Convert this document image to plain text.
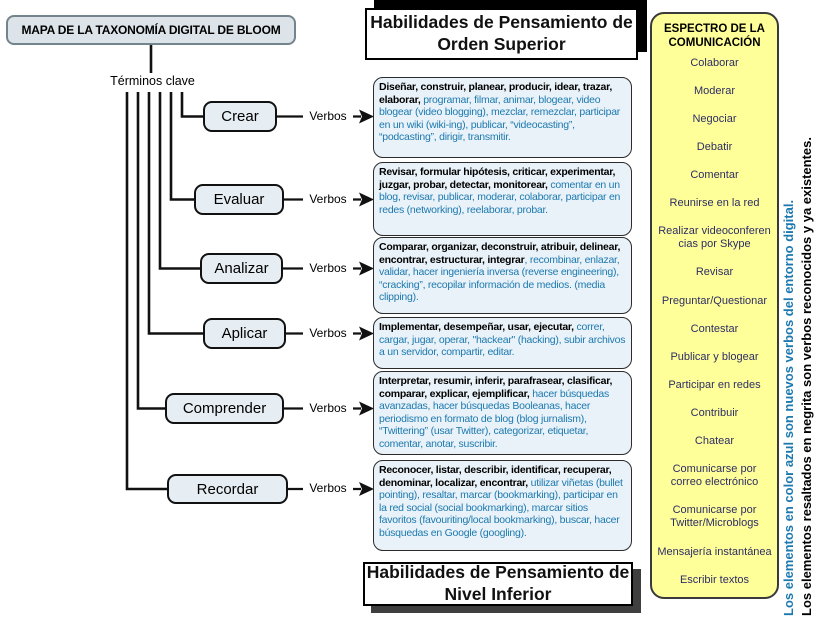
MAPA DE LA TAXONOMÍA DIGITAL DE BLOOM
Términos clave
Habilidades de Pensamiento de Orden Superior
Habilidades de Pensamiento de Nivel Inferior
Crear
Evaluar
Analizar
Aplicar
Comprender
Recordar
Verbos
Verbos
Verbos
Verbos
Verbos
Verbos
Diseñar, construir, planear, producir, idear, trazar, elaborar, programar, filmar, animar, blogear, video blogear (video blogging), mezclar, remezclar, participar en un wiki (wiki-ing), publicar, “videocasting”, “podcasting”, dirigir, transmitir.
Revisar, formular hipótesis, criticar, experimentar, juzgar, probar, detectar, monitorear, comentar en un blog, revisar, publicar, moderar, colaborar, participar en redes (networking), reelaborar, probar.
Comparar, organizar, deconstruir, atribuir, delinear, encontrar, estructurar, integrar, recombinar, enlazar, validar, hacer ingeniería inversa (reverse engineering), “cracking”, recopilar información de medios. (media clipping).
Implementar, desempeñar, usar, ejecutar, correr, cargar, jugar, operar, "hackear" (hacking), subir archivos a un servidor, compartir, editar.
Interpretar, resumir, inferir, parafrasear, clasificar, comparar, explicar, ejemplificar, hacer búsquedas avanzadas, hacer búsquedas Booleanas, hacer periodismo en formato de blog (blog jurnalism), “Twittering” (usar Twitter), categorizar, etiquetar, comentar, anotar, suscribir.
Reconocer, listar, describir, identificar, recuperar, denominar, localizar, encontrar, utilizar viñetas (bullet pointing), resaltar, marcar (bookmarking), participar en la red social (social bookmarking), marcar sitios favoritos (favouriting/local bookmarking), buscar, hacer búsquedas en Google (googling).
ESPECTRO DE LA COMUNICACIÓN
Colaborar
Moderar
Negociar
Debatir
Comentar
Reunirse en la red
Realizar videoconferen cias por Skype
Revisar
Preguntar/Questionar
Contestar
Publicar y blogear
Participar en redes
Contribuir
Chatear
Comunicarse por correo electrónico
Comunicarse por Twitter/Microblogs
Mensajería instantánea
Escribir textos	Los elementos en color azul son nuevos verbos del entorno digital. Los elementos resaltados en negrita son verbos reconocidos y ya existentes.
